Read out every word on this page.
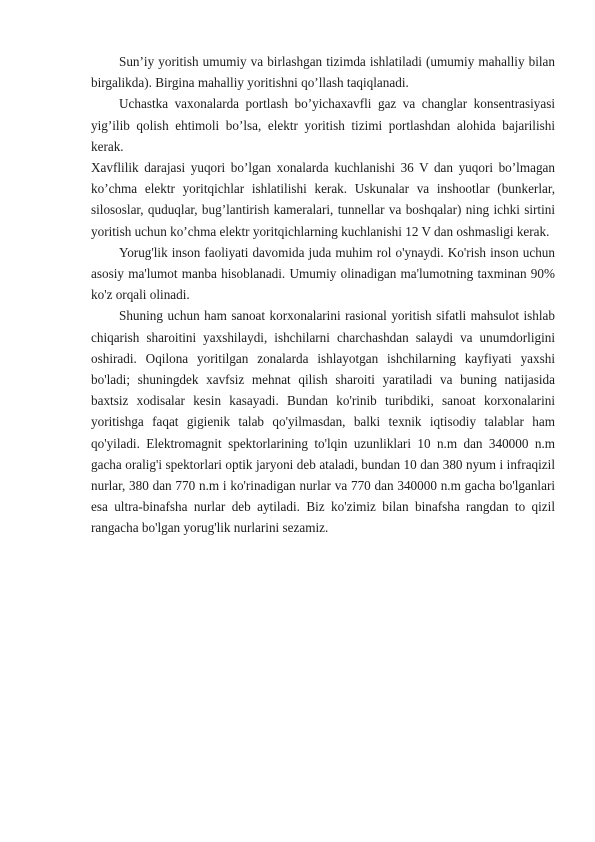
Sun’iy yoritish umumiy va birlashgan tizimda ishlatiladi (umumiy mahalliy bilan birgalikda). Birgina mahalliy yoritishni qo’llash taqiqlanadi.

Uchastka vaxonalarda portlash bo’yichaxavfli gaz va changlar konsentrasiyasi yig’ilib qolish ehtimoli bo’lsa, elektr yoritish tizimi portlashdan alohida bajarilishi kerak.

Xavflilik darajasi yuqori bo’lgan xonalarda kuchlanishi 36 V dan yuqori bo’lmagan ko’chma elektr yoritqichlar ishlatilishi kerak. Uskunalar va inshootlar (bunkerlar, silososlar, quduqlar, bug’lantirish kameralari, tunnellar va boshqalar) ning ichki sirtini yoritish uchun ko’chma elektr yoritqichlarning kuchlanishi 12 V dan oshmasligi kerak.

Yorug'lik inson faoliyati davomida juda muhim rol o'ynaydi. Ko'rish inson uchun asosiy ma'lumot manba hisoblanadi. Umumiy olinadigan ma'lumotning taxminan 90% ko'z orqali olinadi.

Shuning uchun ham sanoat korxonalarini rasional yoritish sifatli mahsulot ishlab chiqarish sharoitini yaxshilaydi, ishchilarni charchashdan salaydi va unumdorligini oshiradi. Oqilona yoritilgan zonalarda ishlayotgan ishchilarning kayfiyati yaxshi bo'ladi; shuningdek xavfsiz mehnat qilish sharoiti yaratiladi va buning natijasida baxtsiz xodisalar kesin kasayadi. Bundan ko'rinib turibdiki, sanoat korxonalarini yoritishga faqat gigienik talab qo'yilmasdan, balki texnik iqtisodiy talablar ham qo'yiladi. Elektromagnit spektorlarining to'lqin uzunliklari 10 n.m dan 340000 n.m gacha oralig'i spektorlari optik jaryoni deb ataladi, bundan 10 dan 380 nyum i infraqizil nurlar, 380 dan 770 n.m i ko'rinadigan nurlar va 770 dan 340000 n.m gacha bo'lganlari esa ultra-binafsha nurlar deb aytiladi. Biz ko'zimiz bilan binafsha rangdan to qizil rangacha bo'lgan yorug'lik nurlarini sezamiz.
